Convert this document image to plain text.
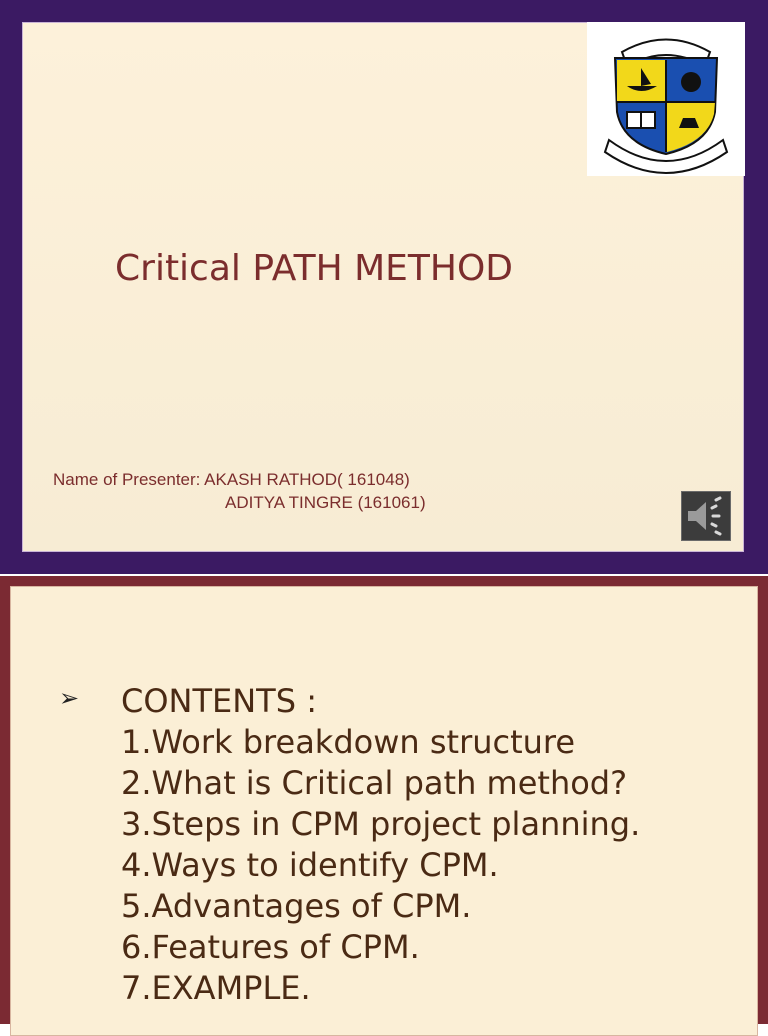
Critical PATH METHOD
Name of Presenter: AKASH RATHOD( 161048)
ADITYA TINGRE (161061)
➢ CONTENTS :
1.Work breakdown structure
2.What is Critical path method?
3.Steps in CPM project planning.
4.Ways to identify CPM.
5.Advantages of CPM.
6.Features of CPM.
7.EXAMPLE.
